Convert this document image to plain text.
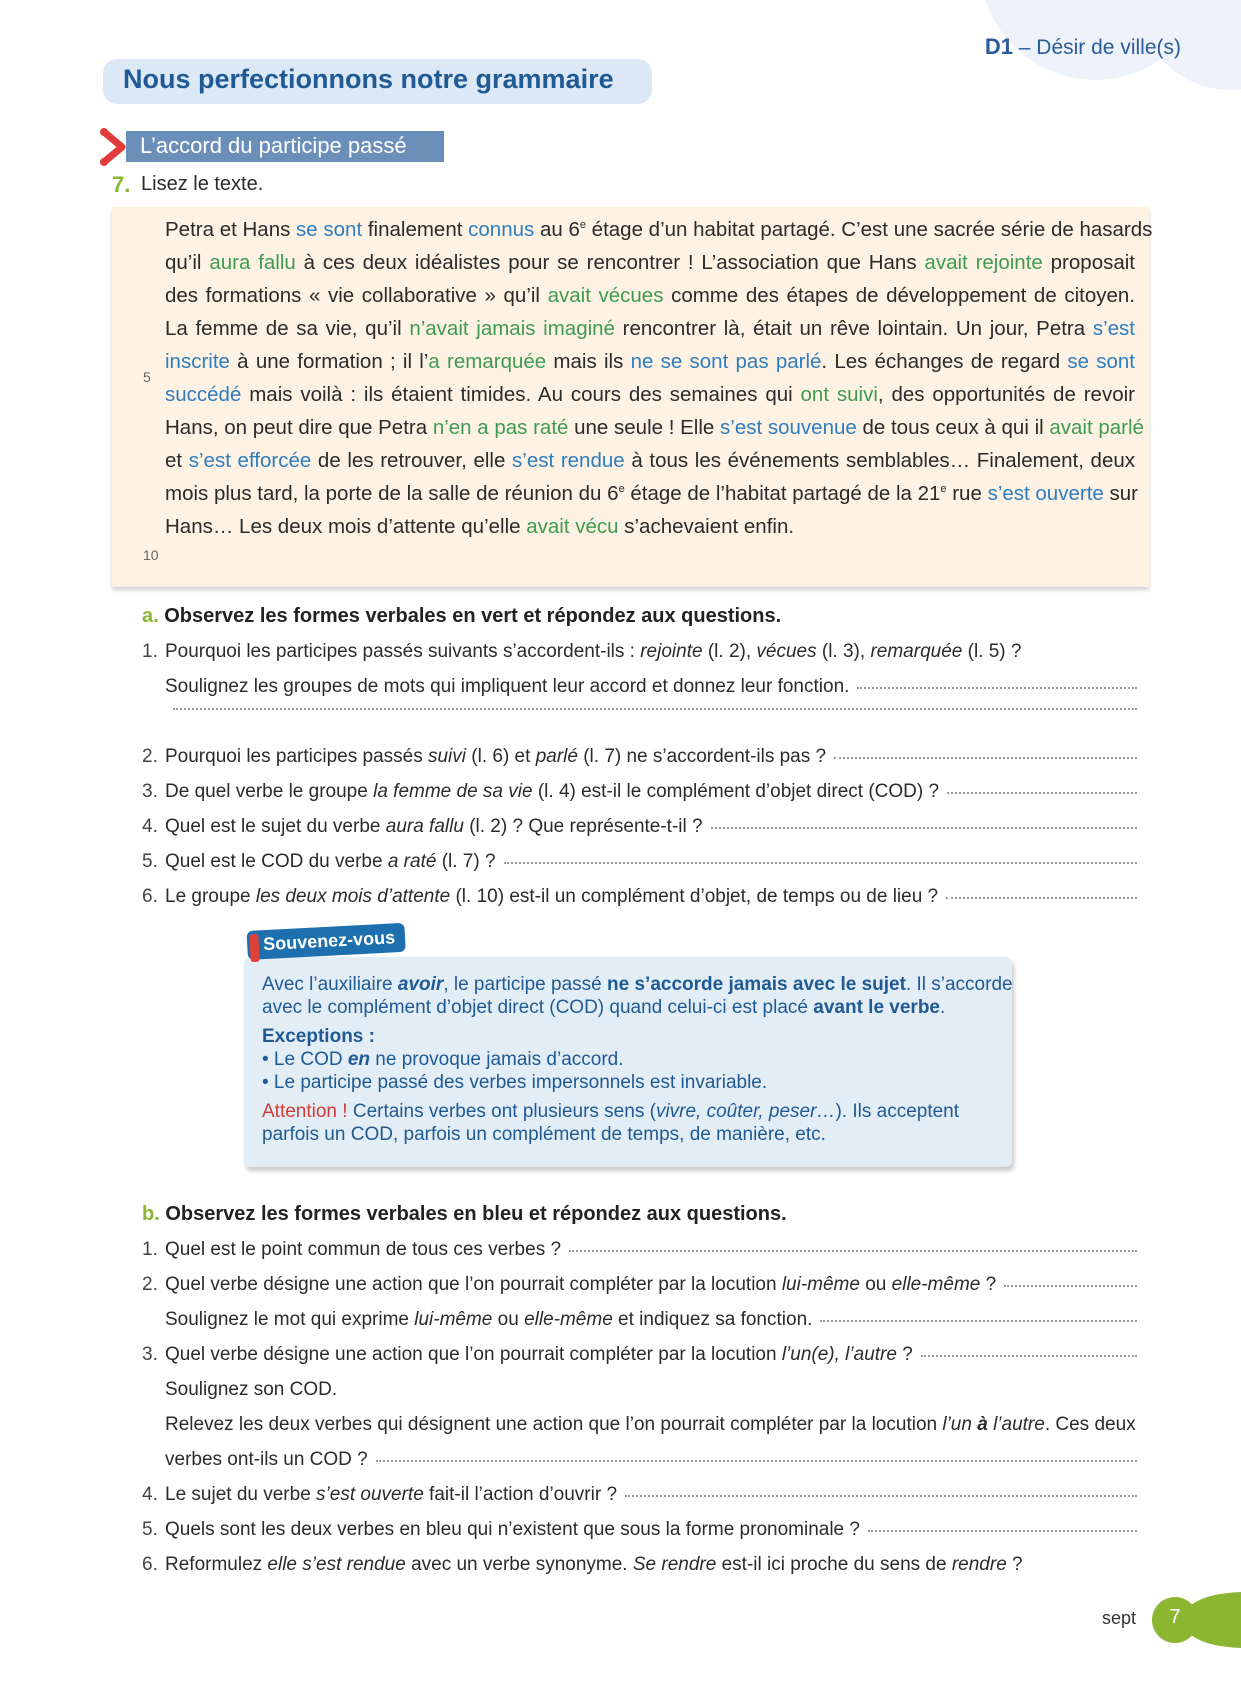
D1 – Désir de ville(s)
Nous perfectionnons notre grammaire
L’accord du participe passé
7. Lisez le texte.
5
10
Petra et Hans se sont finalement connus au 6e étage d’un habitat partagé. C’est une sacrée série de hasards
qu’il aura fallu à ces deux idéalistes pour se rencontrer ! L’association que Hans avait rejointe proposait
des formations « vie collaborative » qu’il avait vécues comme des étapes de développement de citoyen.
La femme de sa vie, qu’il n’avait jamais imaginé rencontrer là, était un rêve lointain. Un jour, Petra s’est
inscrite à une formation ; il l’a remarquée mais ils ne se sont pas parlé. Les échanges de regard se sont
succédé mais voilà : ils étaient timides. Au cours des semaines qui ont suivi, des opportunités de revoir
Hans, on peut dire que Petra n’en a pas raté une seule ! Elle s’est souvenue de tous ceux à qui il avait parlé
et s’est efforcée de les retrouver, elle s’est rendue à tous les événements semblables… Finalement, deux
mois plus tard, la porte de la salle de réunion du 6e étage de l’habitat partagé de la 21e rue s’est ouverte sur
Hans… Les deux mois d’attente qu’elle avait vécu s’achevaient enfin.
a. Observez les formes verbales en vert et répondez aux questions.
1. Pourquoi les participes passés suivants s’accordent-ils : rejointe (l. 2), vécues (l. 3), remarquée (l. 5) ?
Soulignez les groupes de mots qui impliquent leur accord et donnez leur fonction.
2. Pourquoi les participes passés suivi (l. 6) et parlé (l. 7) ne s’accordent-ils pas ?
3. De quel verbe le groupe la femme de sa vie (l. 4) est-il le complément d’objet direct (COD) ?
4. Quel est le sujet du verbe aura fallu (l. 2) ? Que représente-t-il ?
5. Quel est le COD du verbe a raté (l. 7) ?
6. Le groupe les deux mois d’attente (l. 10) est-il un complément d’objet, de temps ou de lieu ?
Souvenez-vous
Avec l’auxiliaire avoir, le participe passé ne s’accorde jamais avec le sujet. Il s’accorde
avec le complément d’objet direct (COD) quand celui-ci est placé avant le verbe.
Exceptions :
• Le COD en ne provoque jamais d’accord.
• Le participe passé des verbes impersonnels est invariable.
Attention ! Certains verbes ont plusieurs sens (vivre, coûter, peser…). Ils acceptent
parfois un COD, parfois un complément de temps, de manière, etc.
b. Observez les formes verbales en bleu et répondez aux questions.
1. Quel est le point commun de tous ces verbes ?
2. Quel verbe désigne une action que l’on pourrait compléter par la locution lui-même ou elle-même ?
Soulignez le mot qui exprime lui-même ou elle-même et indiquez sa fonction.
3. Quel verbe désigne une action que l’on pourrait compléter par la locution l’un(e), l’autre ?
Soulignez son COD.
Relevez les deux verbes qui désignent une action que l’on pourrait compléter par la locution l’un à l’autre. Ces deux
verbes ont-ils un COD ?
4. Le sujet du verbe s’est ouverte fait-il l’action d’ouvrir ?
5. Quels sont les deux verbes en bleu qui n’existent que sous la forme pronominale ?
6. Reformulez elle s’est rendue avec un verbe synonyme. Se rendre est-il ici proche du sens de rendre ?
sept	7
